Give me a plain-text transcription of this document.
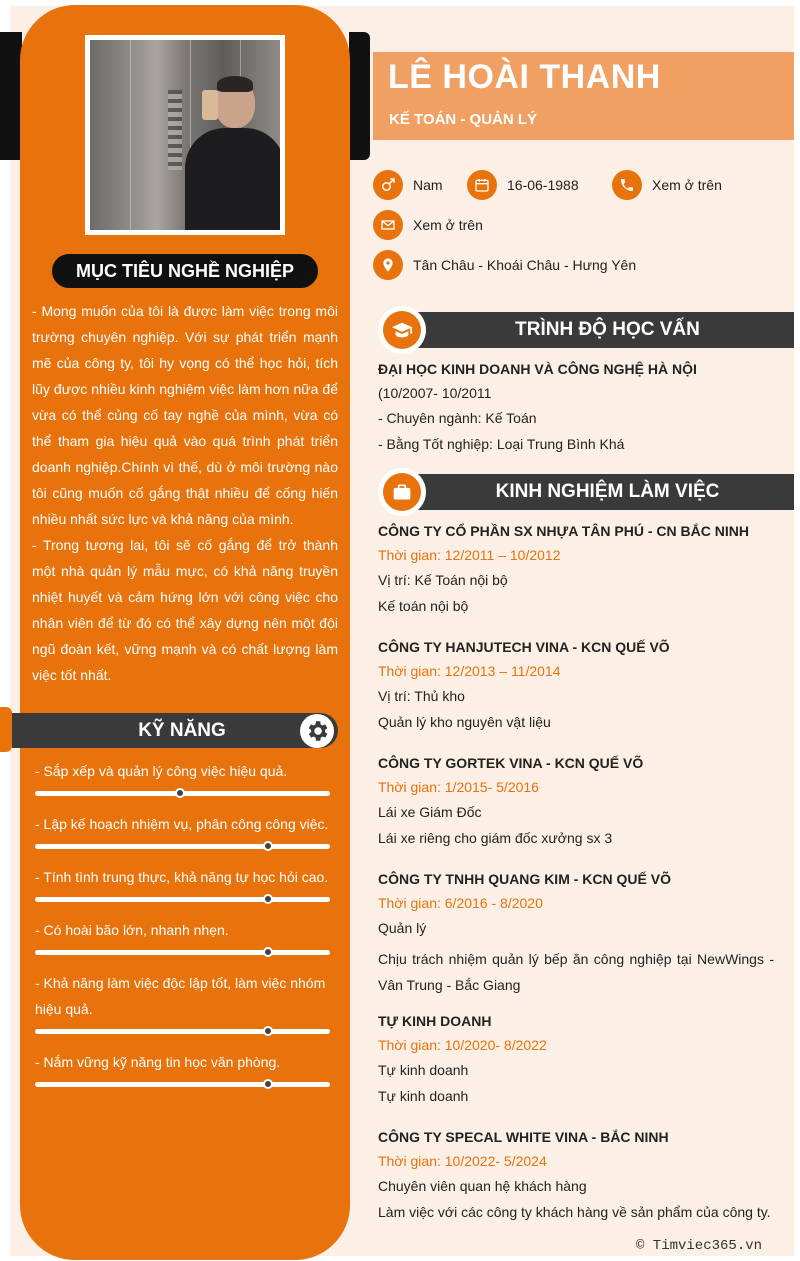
MỤC TIÊU NGHỀ NGHIỆP

- Mong muốn của tôi là được làm việc trong môi trường chuyên nghiệp. Với sự phát triển mạnh mẽ của công ty, tôi hy vọng có thể học hỏi, tích lũy được nhiều kinh nghiệm việc làm hơn nữa để vừa có thể củng cố tay nghề của mình, vừa có thể tham gia hiệu quả vào quá trình phát triển doanh nghiệp.Chính vì thế, dù ở môi trường nào tôi cũng muốn cố gắng thật nhiều để cống hiến nhiều nhất sức lực và khả năng của mình.

- Trong tương lai, tôi sẽ cố gắng để trở thành một nhà quản lý mẫu mực, có khả năng truyền nhiệt huyết và cảm hứng lớn với công việc cho nhân viên để từ đó có thể xây dựng nên một đội ngũ đoàn kết, vững mạnh và có chất lượng làm việc tốt nhất.

KỸ NĂNG
- Sắp xếp và quản lý công việc hiệu quả.
- Lập kế hoạch nhiệm vụ, phân công công việc.
- Tính tình trung thực, khả năng tự học hỏi cao.
- Có hoài bão lớn, nhanh nhẹn.
- Khả năng làm việc độc lập tốt, làm việc nhóm hiệu quả.
- Nắm vững kỹ năng tin học văn phòng.
LÊ HOÀI THANH
KẾ TOÁN - QUẢN LÝ
Nam	16-06-1988	Xem ở trên
Xem ở trên
Tân Châu - Khoái Châu - Hưng Yên
TRÌNH ĐỘ HỌC VẤN
ĐẠI HỌC KINH DOANH VÀ CÔNG NGHỆ HÀ NỘI
(10/2007- 10/2011
- Chuyên ngành: Kế Toán
- Bằng Tốt nghiệp: Loại Trung Bình Khá
KINH NGHIỆM LÀM VIỆC
CÔNG TY CỔ PHẦN SX NHỰA TÂN PHÚ - CN BẮC NINH
Thời gian: 12/2011 – 10/2012
Vị trí: Kế Toán nội bộ
Kế toán nội bộ
CÔNG TY HANJUTECH VINA - KCN QUẾ VÕ
Thời gian: 12/2013 – 11/2014
Vị trí: Thủ kho
Quản lý kho nguyên vật liệu
CÔNG TY GORTEK VINA - KCN QUẾ VÕ
Thời gian: 1/2015- 5/2016
Lái xe Giám Đốc
Lái xe riêng cho giám đốc xưởng sx 3
CÔNG TY TNHH QUANG KIM - KCN QUẾ VÕ
Thời gian: 6/2016 - 8/2020
Quản lý
Chịu trách nhiệm quản lý bếp ăn công nghiệp tại NewWings - Vân Trung - Bắc Giang
TỰ KINH DOANH
Thời gian: 10/2020- 8/2022
Tự kinh doanh
Tự kinh doanh
CÔNG TY SPECAL WHITE VINA - BẮC NINH
Thời gian: 10/2022- 5/2024
Chuyên viên quan hệ khách hàng
Làm việc với các công ty khách hàng về sản phẩm của công ty.
© Timviec365.vn
